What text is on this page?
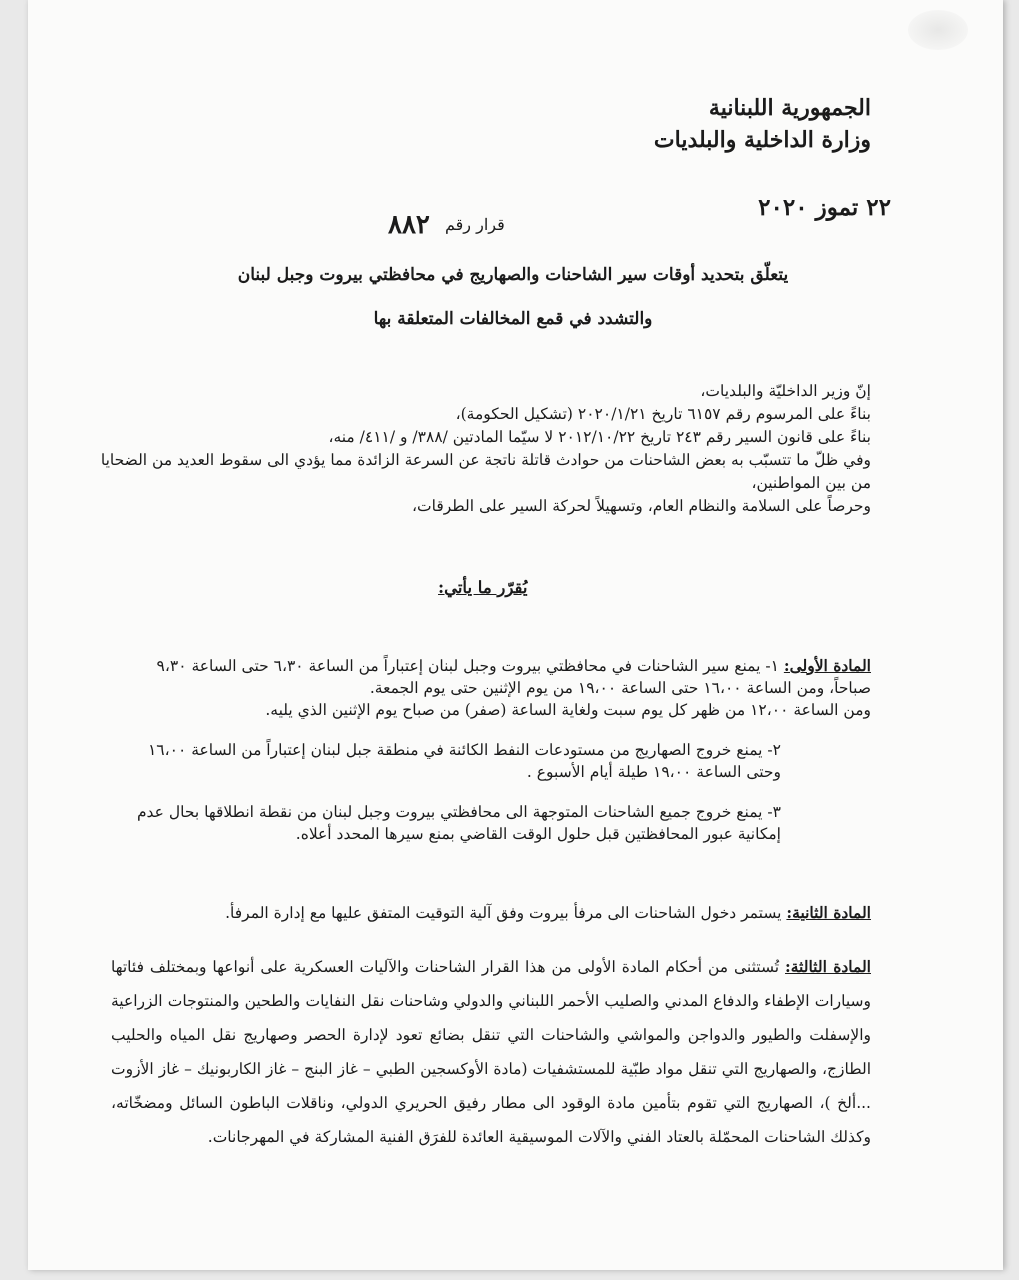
الجمهورية اللبنانية
وزارة الداخلية والبلديات
٢٢ تموز ٢٠٢٠
قرار رقم ٨٨٢
يتعلّق بتحديد أوقات سير الشاحنات والصهاريج في محافظتي بيروت وجبل لبنان
والتشدد في قمع المخالفات المتعلقة بها

إنّ وزير الداخليّة والبلديات،

بناءً على المرسوم رقم ٦١٥٧ تاريخ ٢٠٢٠/١/٢١ (تشكيل الحكومة)،

بناءً على قانون السير رقم ٢٤٣ تاريخ ٢٠١٢/١٠/٢٢ لا سيّما المادتين /٣٨٨/ و /٤١١/ منه،

وفي ظلّ ما تتسبّب به بعض الشاحنات من حوادث قاتلة ناتجة عن السرعة الزائدة مما يؤدي الى سقوط العديد من الضحايا من بين المواطنين،

وحرصاً على السلامة والنظام العام، وتسهيلاً لحركة السير على الطرقات،

يُقرّر ما يأتي:

المادة الأولى: ١- يمنع سير الشاحنات في محافظتي بيروت وجبل لبنان إعتباراً من الساعة ٦،٣٠ حتى الساعة ٩،٣٠ صباحاً، ومن الساعة ١٦،٠٠ حتى الساعة ١٩،٠٠ من يوم الإثنين حتى يوم الجمعة.

ومن الساعة ١٢،٠٠ من ظهر كل يوم سبت ولغاية الساعة (صفر) من صباح يوم الإثنين الذي يليه.

٢- يمنع خروج الصهاريج من مستودعات النفط الكائنة في منطقة جبل لبنان إعتباراً من الساعة ١٦،٠٠ وحتى الساعة ١٩،٠٠ طيلة أيام الأسبوع .

٣- يمنع خروج جميع الشاحنات المتوجهة الى محافظتي بيروت وجبل لبنان من نقطة انطلاقها بحال عدم إمكانية عبور المحافظتين قبل حلول الوقت القاضي بمنع سيرها المحدد أعلاه.

المادة الثانية: يستمر دخول الشاحنات الى مرفأ بيروت وفق آلية التوقيت المتفق عليها مع إدارة المرفأ.
المادة الثالثة: تُستثنى من أحكام المادة الأولى من هذا القرار الشاحنات والآليات العسكرية على أنواعها وبمختلف فئاتها وسيارات الإطفاء والدفاع المدني والصليب الأحمر اللبناني والدولي وشاحنات نقل النفايات والطحين والمنتوجات الزراعية والإسفلت والطيور والدواجن والمواشي والشاحنات التي تنقل بضائع تعود لإدارة الحصر وصهاريج نقل المياه والحليب الطازج، والصهاريج التي تنقل مواد طبّية للمستشفيات (مادة الأوكسجين الطبي – غاز البنج – غاز الكاربونيك – غاز الأزوت ...ألخ )، الصهاريج التي تقوم بتأمين مادة الوقود الى مطار رفيق الحريري الدولي، وناقلات الباطون السائل ومضخّاته، وكذلك الشاحنات المحمّلة بالعتاد الفني والآلات الموسيقية العائدة للفرَق الفنية المشاركة في المهرجانات.
